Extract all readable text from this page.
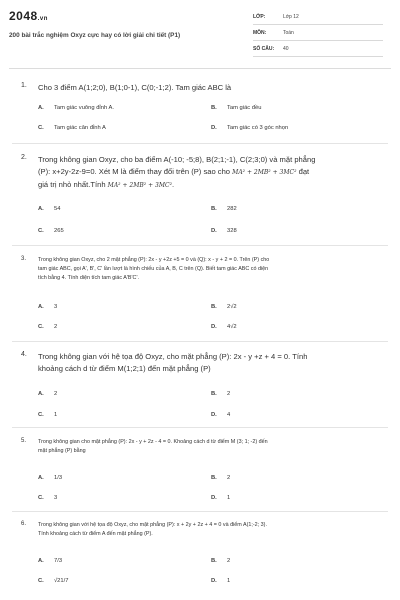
2048.vn
200 bài trắc nghiệm Oxyz cực hay có lời giải chi tiết (P1)
LỚP:	Lớp 12
MÔN:	Toán
SỐ CÂU: 40
1. Cho 3 điểm A(1;2;0), B(1;0-1), C(0;-1;2). Tam giác ABC là
A. Tam giác vuông đỉnh A.	B. Tam giác đều
C. Tam giác cân đỉnh A	D. Tam giác có 3 góc nhọn
2. Trong không gian Oxyz, cho ba điểm A(-10; -5;8), B(2;1;-1), C(2;3;0) và mặt phẳng
(P): x+2y-2z-9=0. Xét M là điểm thay đổi trên (P) sao cho MA² + 2MB² + 3MC² đạt
giá trị nhỏ nhất.Tính MA² + 2MB² + 3MC².
A. 54	B. 282
C. 265	D. 328
3. Trong không gian Oxyz, cho 2 mặt phẳng (P): 2x - y +2z +5 = 0 và (Q): x - y + 2 = 0. Trên (P) cho
tam giác ABC, gọi A', B', C' lần lượt là hình chiếu của A, B, C trên (Q). Biết tam giác ABC có diện
tích bằng 4. Tính diện tích tam giác A'B'C'.
A. 3	B. 2√2
C. 2	D. 4√2
4. Trong không gian với hệ tọa độ Oxyz, cho mặt phẳng (P): 2x - y +z + 4 = 0. Tính
khoảng cách d từ điểm M(1;2;1) đến mặt phẳng (P)
A. 2	B. 2
C. 1	D. 4
5. Trong không gian cho mặt phẳng (P): 2x - y + 2z - 4 = 0. Khoảng cách d từ điểm M (3; 1; -2) đến
mặt phẳng (P) bằng
A. 1/3	B. 2
C. 3	D. 1
6. Trong không gian với hệ tọa độ Oxyz, cho mặt phẳng (P): x + 2y + 2z + 4 = 0 và điểm A(1;-2; 3).
Tính khoảng cách từ điểm A đến mặt phẳng (P).
A. 7/3	B. 2
C. √21/7	D. 1
